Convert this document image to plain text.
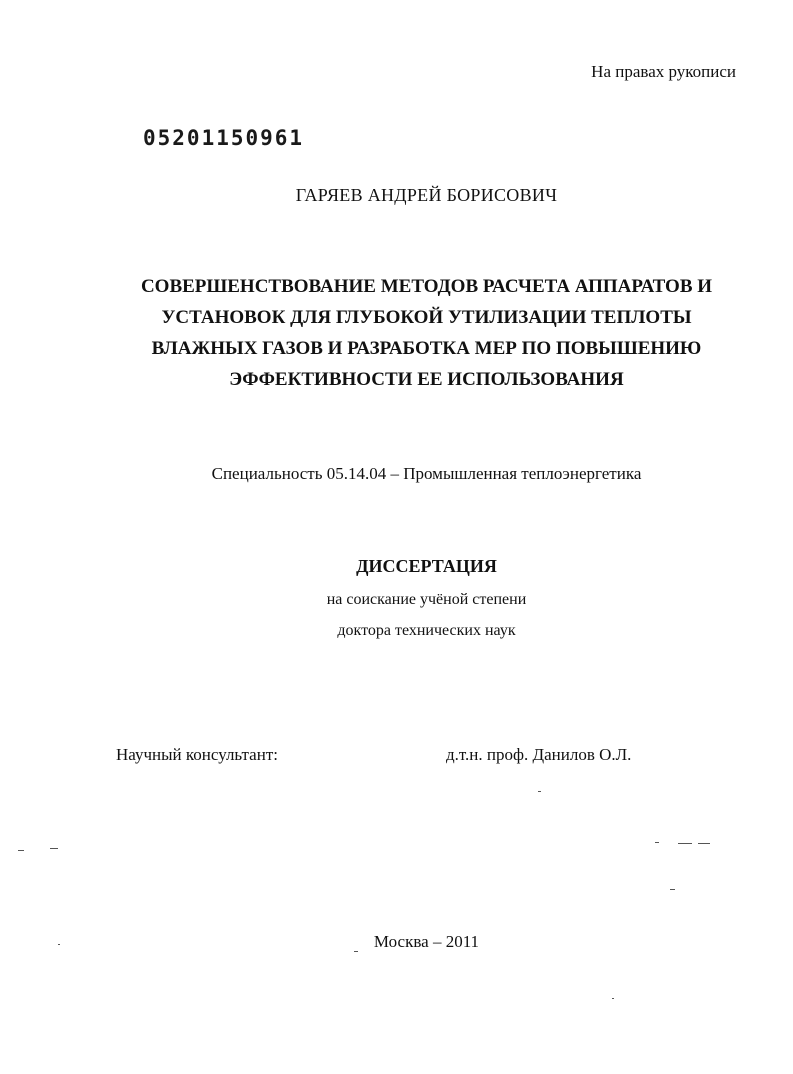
На правах рукописи
05201150961
ГАРЯЕВ АНДРЕЙ БОРИСОВИЧ
СОВЕРШЕНСТВОВАНИЕ МЕТОДОВ РАСЧЕТА АППАРАТОВ И
УСТАНОВОК ДЛЯ ГЛУБОКОЙ УТИЛИЗАЦИИ ТЕПЛОТЫ
ВЛАЖНЫХ ГАЗОВ И РАЗРАБОТКА МЕР ПО ПОВЫШЕНИЮ
ЭФФЕКТИВНОСТИ ЕЕ ИСПОЛЬЗОВАНИЯ
Специальность 05.14.04 – Промышленная теплоэнергетика
ДИССЕРТАЦИЯ
на соискание учёной степени
доктора технических наук
Научный консультант:	д.т.н. проф. Данилов О.Л.
Москва – 2011
